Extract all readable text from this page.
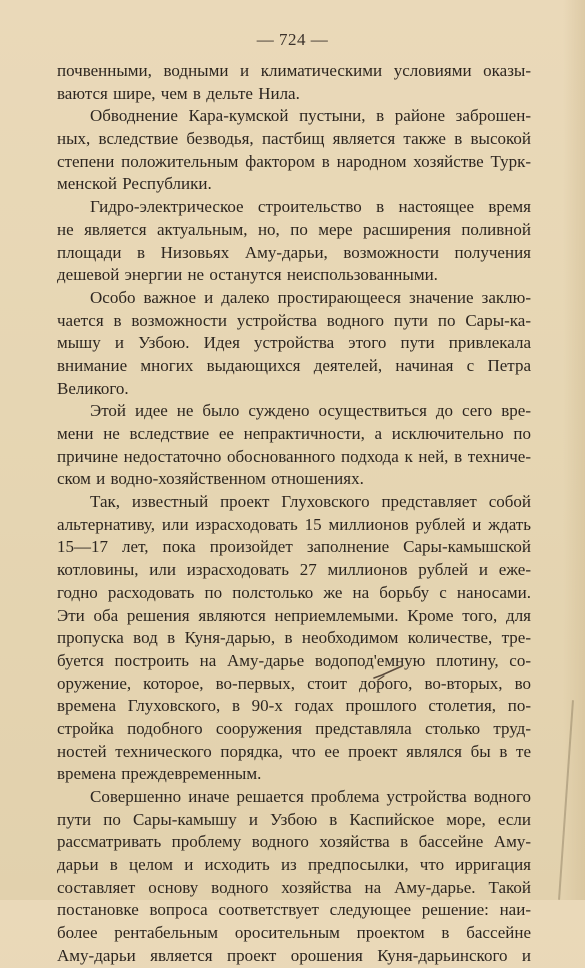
— 724 —
почвенными, водными и климатическими условиями оказы-
ваются шире, чем в дельте Нила.
Обводнение Кара-кумской пустыни, в районе заброшен-
ных, вследствие безводья, пастбищ является также в высокой
степени положительным фактором в народном хозяйстве Турк-
менской Республики.
Гидро-электрическое строительство в настоящее время
не является актуальным, но, по мере расширения поливной
площади в Низовьях Аму-дарьи, возможности получения
дешевой энергии не останутся неиспользованными.
Особо важное и далеко простирающееся значение заклю-
чается в возможности устройства водного пути по Сары-ка-
мышу и Узбою. Идея устройства этого пути привлекала
внимание многих выдающихся деятелей, начиная с Петра
Великого.
Этой идее не было суждено осуществиться до сего вре-
мени не вследствие ее непрактичности, а исключительно по
причине недостаточно обоснованного подхода к ней, в техниче-
ском и водно-хозяйственном отношениях.
Так, известный проект Глуховского представляет собой
альтернативу, или израсходовать 15 миллионов рублей и ждать
15—17 лет, пока произойдет заполнение Сары-камышской
котловины, или израсходовать 27 миллионов рублей и еже-
годно расходовать по полстолько же на борьбу с наносами.
Эти оба решения являются неприемлемыми. Кроме того, для
пропуска вод в Куня-дарью, в необходимом количестве, тре-
буется построить на Аму-дарье водопод'емную плотину, со-
оружение, которое, во-первых, стоит дорого, во-вторых, во
времена Глуховского, в 90-х годах прошлого столетия, по-
стройка подобного сооружения представляла столько труд-
ностей технического порядка, что ее проект являлся бы в те
времена преждевременным.
Совершенно иначе решается проблема устройства водного
пути по Сары-камышу и Узбою в Каспийское море, если
рассматривать проблему водного хозяйства в бассейне Аму-
дарьи в целом и исходить из предпосылки, что ирригация
составляет основу водного хозяйства на Аму-дарье. Такой
постановке вопроса соответствует следующее решение: наи-
более рентабельным оросительным проектом в бассейне
Аму-дарьи является проект орошения Куня-дарьинского и
